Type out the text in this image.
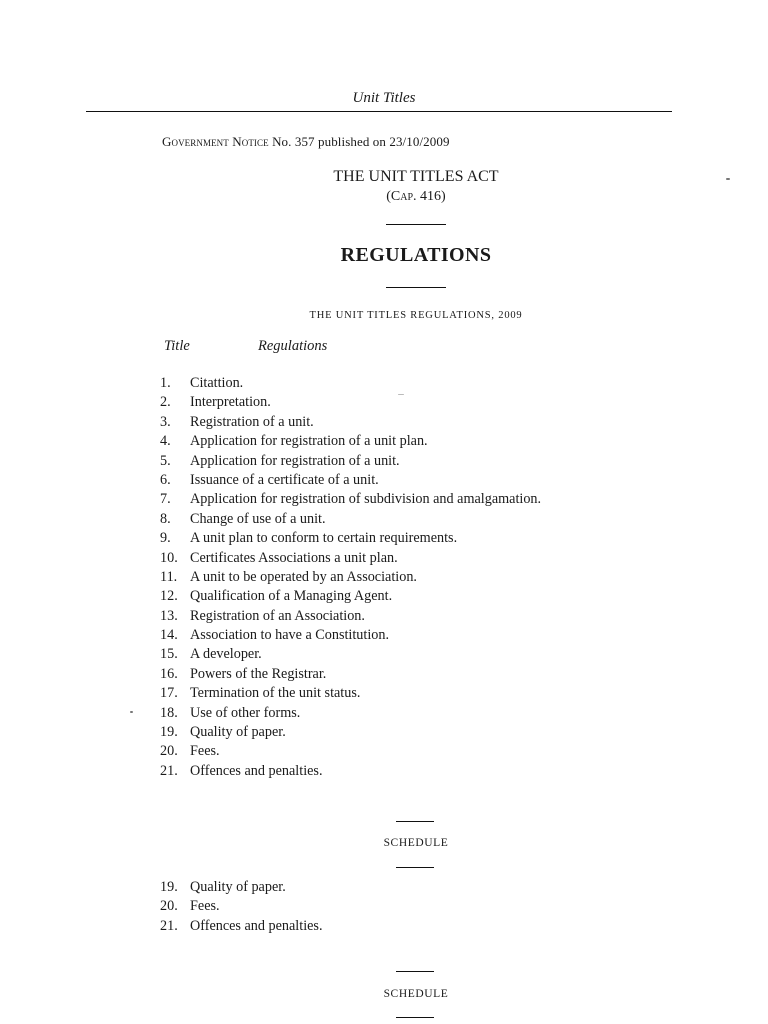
Unit Titles
Government Notice No. 357 published on 23/10/2009
THE UNIT TITLES ACT
(Cap. 416)
REGULATIONS
THE UNIT TITLES REGULATIONS, 2009
Title	Regulations
1. Citattion.
2. Interpretation.
3. Registration of a unit.
4. Application for registration of a unit plan.
5. Application for registration of a unit.
6. Issuance of a certificate of a unit.
7. Application for registration of subdivision and amalgamation.
8. Change of use of a unit.
9. A unit plan to conform to certain requirements.
10. Certificates Associations a unit plan.
11. A unit to be operated by an Association.
12. Qualification of a Managing Agent.
13. Registration of an Association.
14. Association to have a Constitution.
15. A developer.
16. Powers of the Registrar.
17. Termination of the unit status.
18. Use of other forms.
19. Quality of paper.
20. Fees.
21. Offences and penalties.
SCHEDULE
19. Quality of paper.
20. Fees.
21. Offences and penalties.
SCHEDULE
